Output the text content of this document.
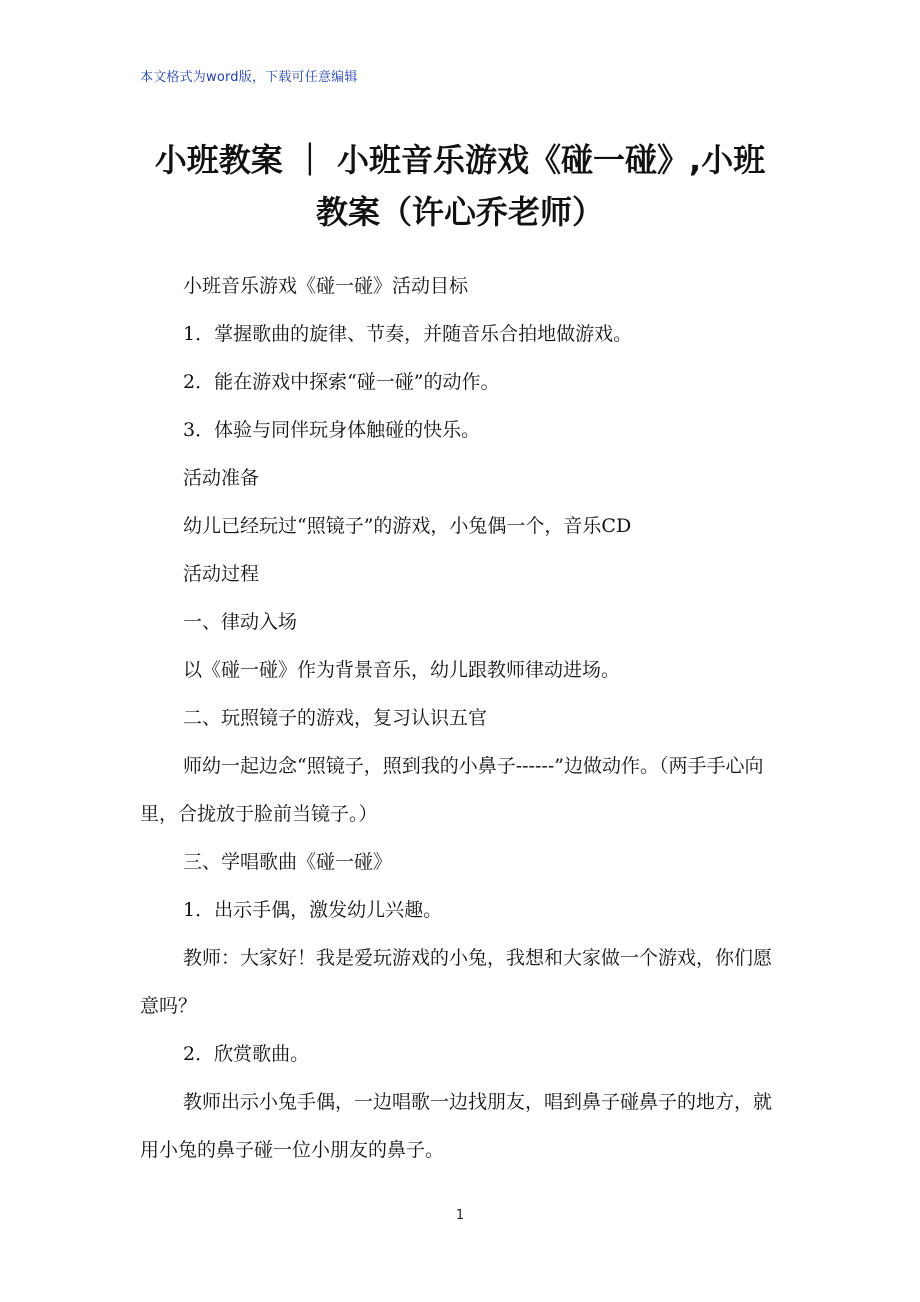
本文格式为word版，下载可任意编辑
小班教案 ｜ 小班音乐游戏《碰一碰》,小班
教案（许心乔老师）

小班音乐游戏《碰一碰》活动目标

1．掌握歌曲的旋律、节奏，并随音乐合拍地做游戏。

2．能在游戏中探索“碰一碰”的动作。

3．体验与同伴玩身体触碰的快乐。

活动准备

幼儿已经玩过“照镜子”的游戏，小兔偶一个，音乐CD

活动过程

一、律动入场

以《碰一碰》作为背景音乐，幼儿跟教师律动进场。

二、玩照镜子的游戏，复习认识五官

师幼一起边念“照镜子，照到我的小鼻子------”边做动作。（两手手心向里，合拢放于脸前当镜子。）

三、学唱歌曲《碰一碰》

1．出示手偶，激发幼儿兴趣。

教师：大家好！我是爱玩游戏的小兔，我想和大家做一个游戏，你们愿意吗？

2．欣赏歌曲。

教师出示小兔手偶，一边唱歌一边找朋友，唱到鼻子碰鼻子的地方，就用小兔的鼻子碰一位小朋友的鼻子。

1
